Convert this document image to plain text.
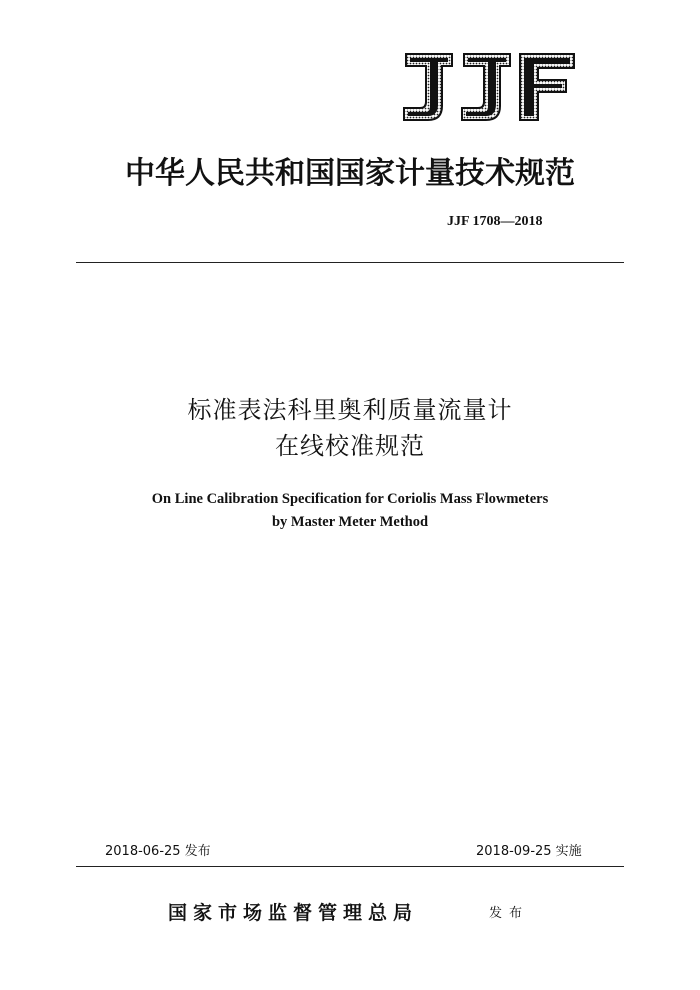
中华人民共和国国家计量技术规范
JJF 1708—2018
标准表法科里奥利质量流量计
在线校准规范
On Line Calibration Specification for Coriolis Mass Flowmeters
by Master Meter Method
2018-06-25 发布	2018-09-25 实施
国家市场监督管理总局	发布
